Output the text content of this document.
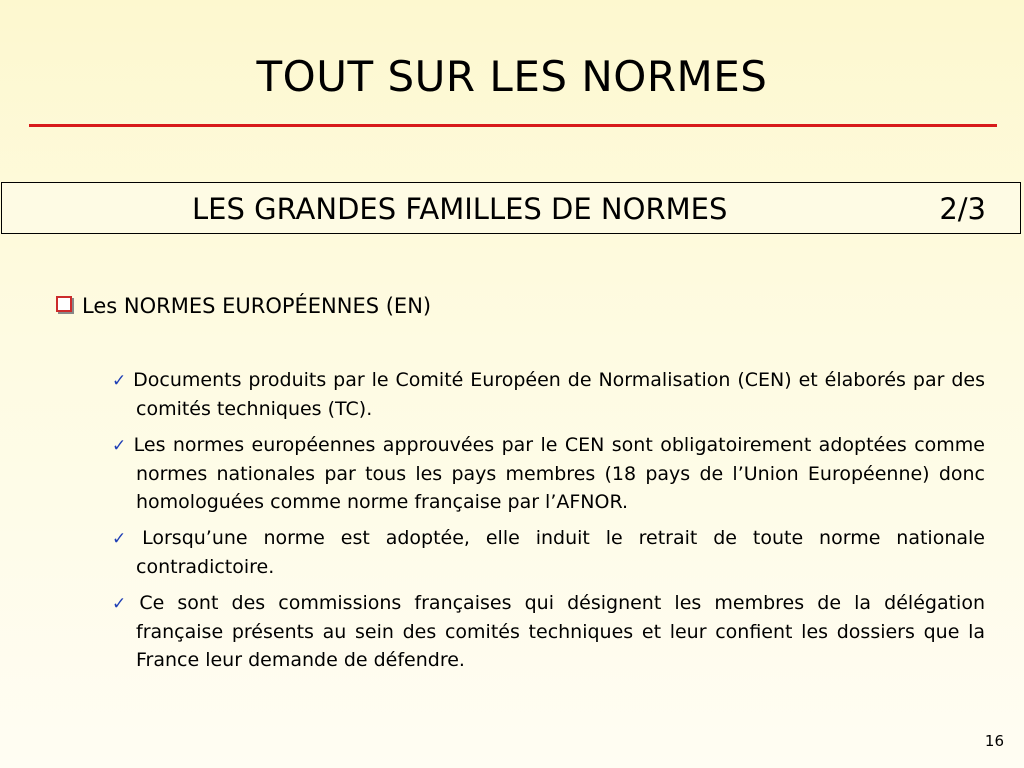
TOUT SUR LES NORMES
LES GRANDES FAMILLES DE NORMES	2/3
Les NORMES EUROPÉENNES (EN)
✓ Documents produits par le Comité Européen de Normalisation (CEN) et élaborés par des comités techniques (TC).
✓ Les normes européennes approuvées par le CEN sont obligatoirement adoptées comme normes nationales par tous les pays membres (18 pays de l’Union Européenne) donc homologuées comme norme française par l’AFNOR.
✓ Lorsqu’une norme est adoptée, elle induit le retrait de toute norme nationale contradictoire.
✓ Ce sont des commissions françaises qui désignent les membres de la délégation française présents au sein des comités techniques et leur confient les dossiers que la France leur demande de défendre.
16
